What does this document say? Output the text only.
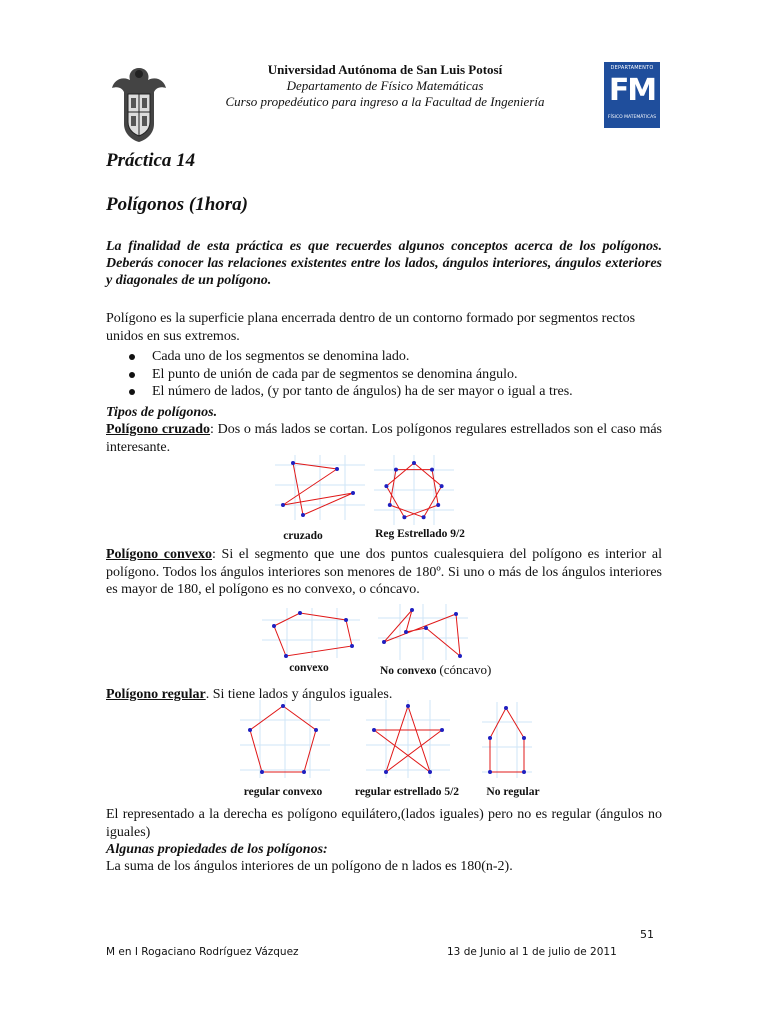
Universidad Autónoma de San Luis Potosí
Departamento de Físico Matemáticas
Curso propedéutico para ingreso a la Facultad de Ingeniería
DEPARTAMENTO
FM
FÍSICO MATEMÁTICAS
Práctica 14
Polígonos (1hora)
La finalidad de esta práctica es que recuerdes algunos conceptos acerca de los polígonos. Deberás conocer las relaciones existentes entre los lados, ángulos interiores, ángulos exteriores y diagonales de un polígono.
Polígono es la superficie plana encerrada dentro de un contorno formado por segmentos rectos unidos en sus extremos.
Cada uno de los segmentos se denomina lado.
El punto de unión de cada par de segmentos se denomina ángulo.
El número de lados, (y por tanto de ángulos) ha de ser mayor o igual a tres.
Tipos de polígonos.
Polígono cruzado: Dos o más lados se cortan. Los polígonos regulares estrellados son el caso más interesante.
cruzado	Reg Estrellado 9/2
Polígono convexo: Si el segmento que une dos puntos cualesquiera del polígono es interior al polígono. Todos los ángulos interiores son menores de 180º. Si uno o más de los ángulos interiores es mayor de 180, el polígono es no convexo, o cóncavo.
convexo	No convexo (cóncavo)
Polígono regular. Si tiene lados y ángulos iguales.
regular convexo	regular estrellado 5/2	No regular
El representado a la derecha es polígono equilátero,(lados iguales) pero no es regular (ángulos no iguales)
Algunas propiedades de los polígonos:
La suma de los ángulos interiores de un polígono de n lados es 180(n-2).
51
M en I Rogaciano Rodríguez Vázquez	13 de Junio al 1 de julio de 2011
